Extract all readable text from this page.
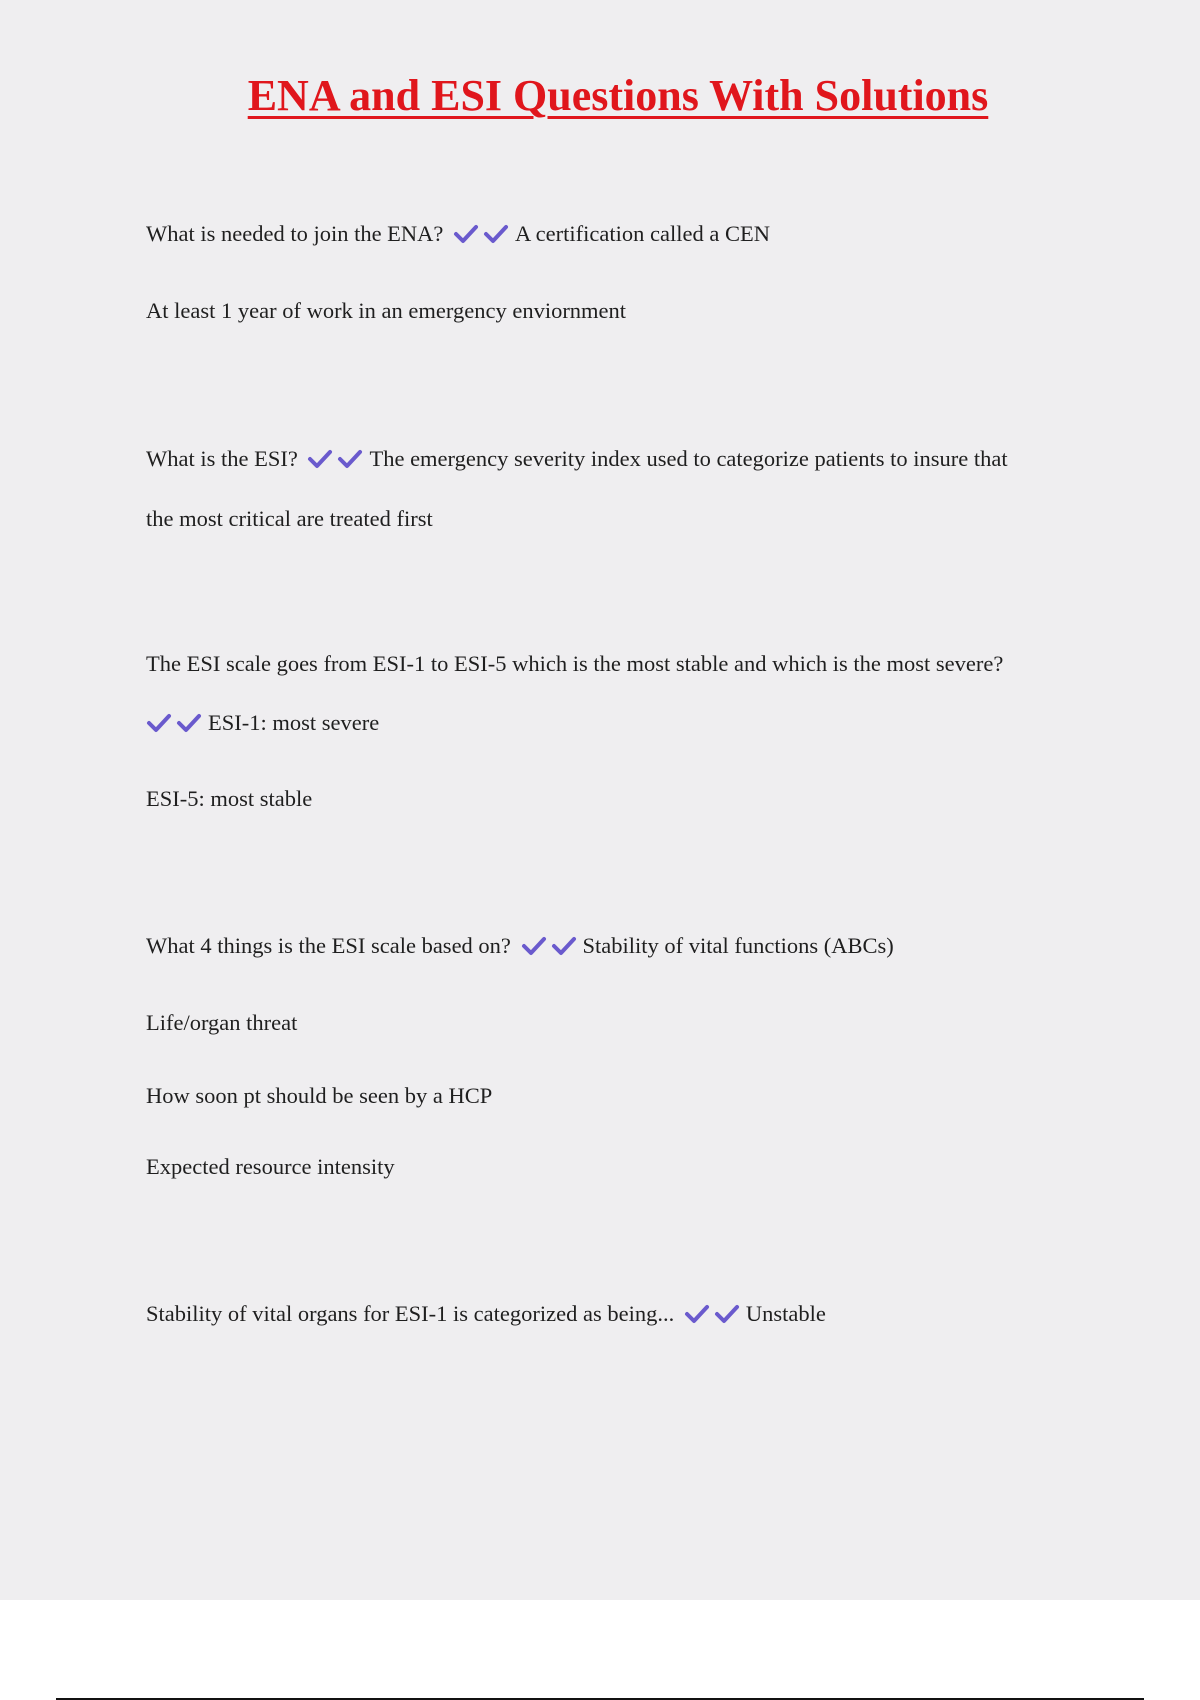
ENA and ESI Questions With Solutions

What is needed to join the ENA?	A certification called a CEN

At least 1 year of work in an emergency enviornment

What is the ESI?	The emergency severity index used to categorize patients to insure that

the most critical are treated first

The ESI scale goes from ESI-1 to ESI-5 which is the most stable and which is the most severe?

ESI-1: most severe

ESI-5: most stable

What 4 things is the ESI scale based on?	Stability of vital functions (ABCs)

Life/organ threat

How soon pt should be seen by a HCP

Expected resource intensity

Stability of vital organs for ESI-1 is categorized as being...	Unstable
